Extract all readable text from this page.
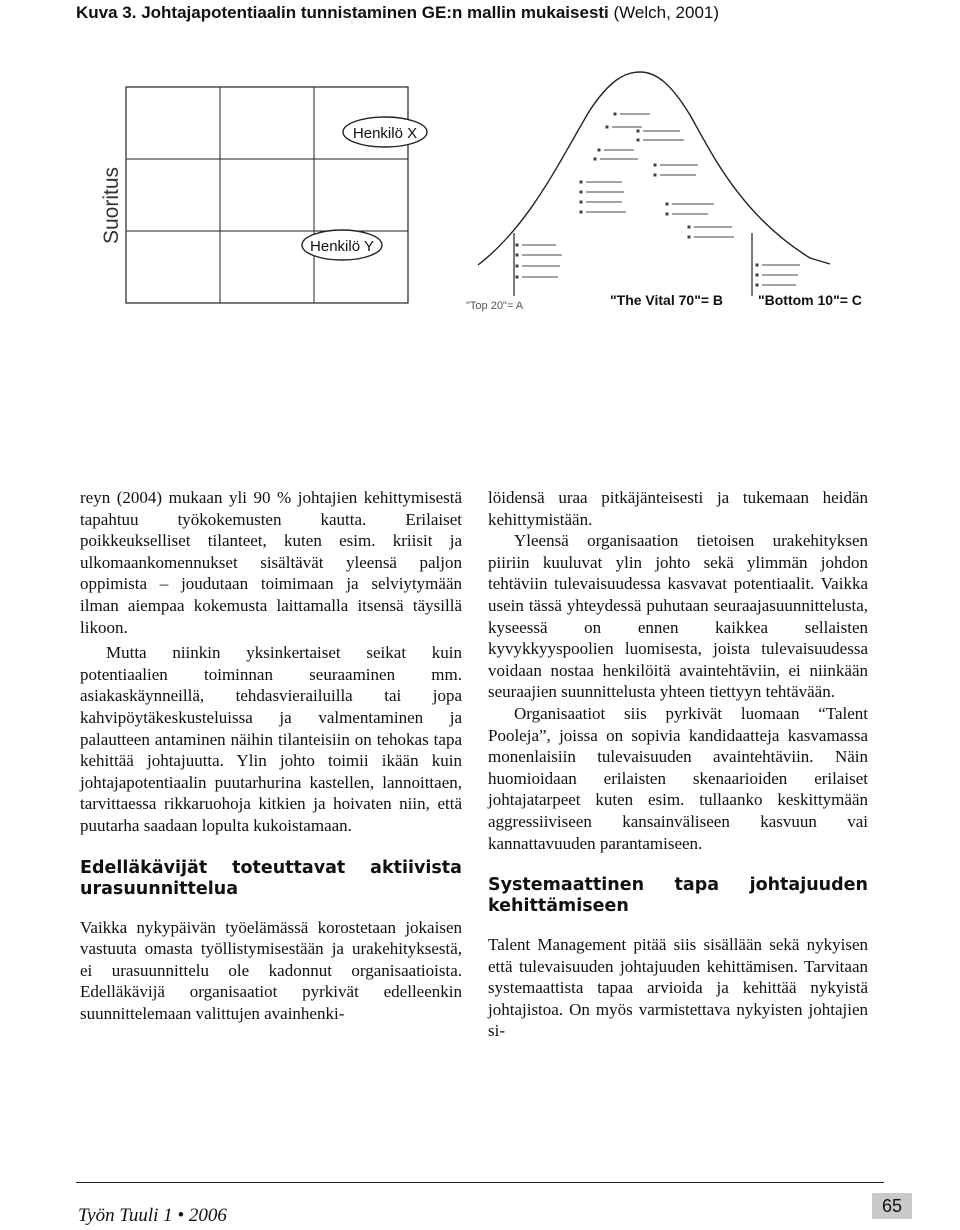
Kuva 3. Johtajapotentiaalin tunnistaminen GE:n mallin mukaisesti (Welch, 2001)
Suoritus
Henkilö X
Henkilö Y
"Top 20"= A	"The Vital 70"= B "Bottom 10"= C

reyn (2004) mukaan yli 90 % johtajien kehittymisestä tapahtuu työkokemusten kautta. Erilaiset poikkeukselliset tilanteet, kuten esim. kriisit ja ulkomaankomennukset sisältävät yleensä paljon oppimista – joudutaan toimimaan ja selviytymään ilman aiempaa kokemusta laittamalla itsensä täysillä likoon.

Mutta niinkin yksinkertaiset seikat kuin potentiaalien toiminnan seuraaminen mm. asiakaskäynneillä, tehdasvierailuilla tai jopa kahvipöytäkeskusteluissa ja valmentaminen ja palautteen antaminen näihin tilanteisiin on tehokas tapa kehittää johtajuutta. Ylin johto toimii ikään kuin johtajapotentiaalin puutarhurina kastellen, lannoittaen, tarvittaessa rikkaruohoja kitkien ja hoivaten niin, että puutarha saadaan lopulta kukoistamaan.

Edelläkävijät toteuttavat aktiivista urasuunnittelua

Vaikka nykypäivän työelämässä korostetaan jokaisen vastuuta omasta työllistymisestään ja urakehityksestä, ei urasuunnittelu ole kadonnut organisaatioista. Edelläkävijä organisaatiot pyrkivät edelleenkin suunnittelemaan valittujen avainhenki-

löidensä uraa pitkäjänteisesti ja tukemaan heidän kehittymistään.

Yleensä organisaation tietoisen urakehityksen piiriin kuuluvat ylin johto sekä ylimmän johdon tehtäviin tulevaisuudessa kasvavat potentiaalit. Vaikka usein tässä yhteydessä puhutaan seuraajasuunnittelusta, kyseessä on ennen kaikkea sellaisten kyvykkyyspoolien luomisesta, joista tulevaisuudessa voidaan nostaa henkilöitä avaintehtäviin, ei niinkään seuraajien suunnittelusta yhteen tiettyyn tehtävään.

Organisaatiot siis pyrkivät luomaan “Talent Pooleja”, joissa on sopivia kandidaatteja kasvamassa monenlaisiin tulevaisuuden avaintehtäviin. Näin huomioidaan erilaisten skenaarioiden erilaiset johtajatarpeet kuten esim. tullaanko keskittymään aggressiiviseen kansainväliseen kasvuun vai kannattavuuden parantamiseen.

Systemaattinen tapa johtajuuden kehittämiseen

Talent Management pitää siis sisällään sekä nykyisen että tulevaisuuden johtajuuden kehittämisen. Tarvitaan systemaattista tapaa arvioida ja kehittää nykyistä johtajistoa. On myös varmistettava nykyisten johtajien si-

Työn Tuuli 1 • 2006	65
